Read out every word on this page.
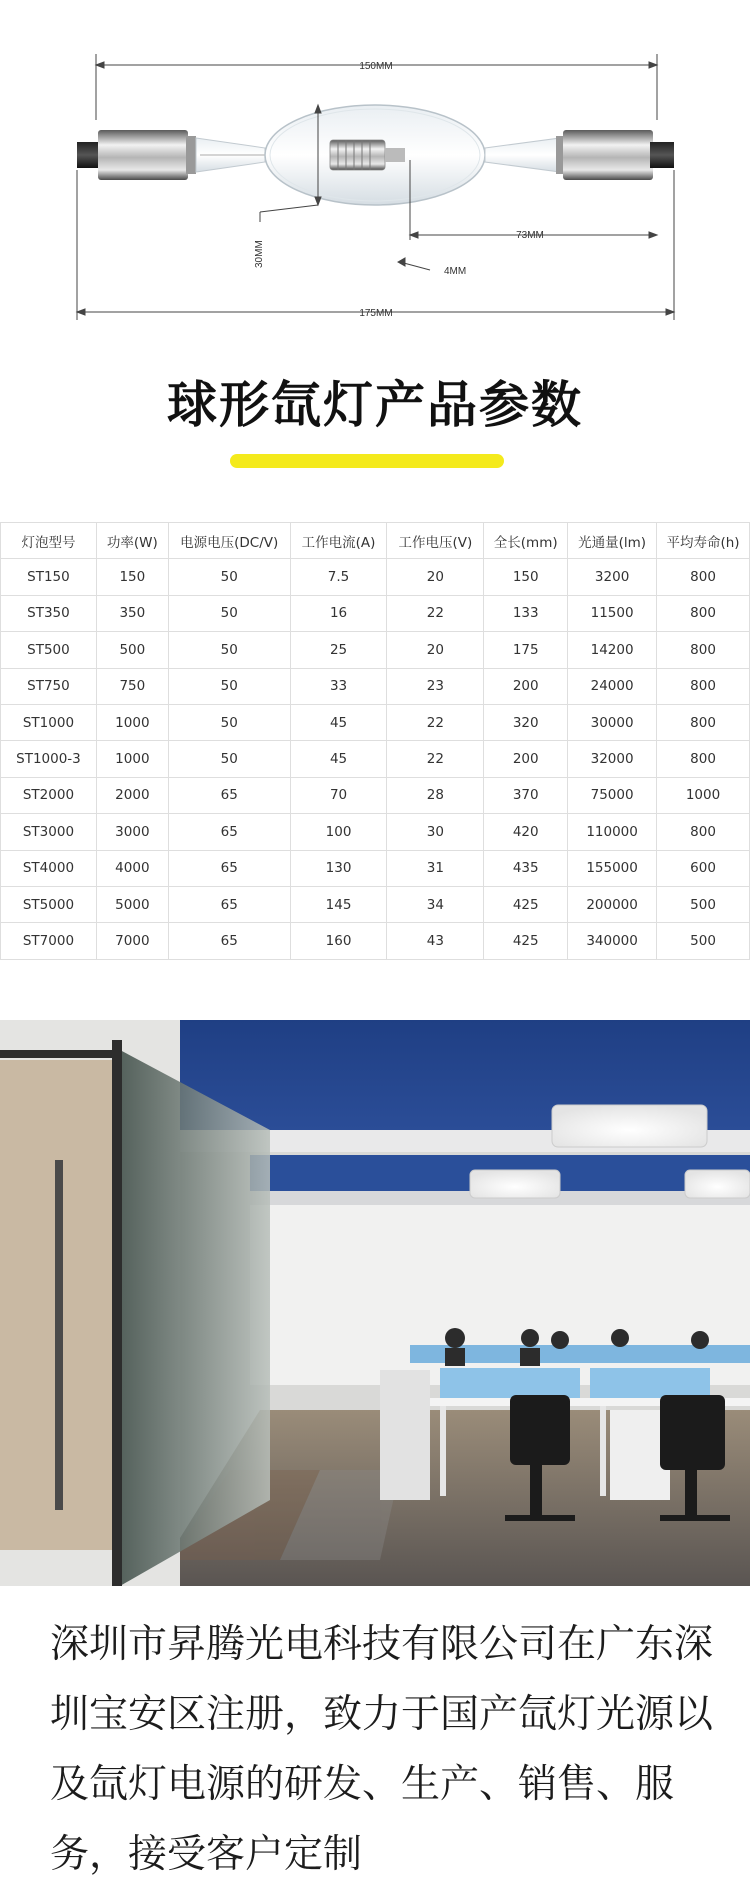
150MM
30MM
73MM
4MM
175MM
球形氙灯产品参数
灯泡型号	功率(W)	电源电压(DC/V)	工作电流(A)	工作电压(V)	全长(mm)	光通量(lm)	平均寿命(h)
ST150	150	50	7.5	20	150	3200	800
ST350	350	50	16	22	133	11500	800
ST500	500	50	25	20	175	14200	800
ST750	750	50	33	23	200	24000	800
ST1000	1000	50	45	22	320	30000	800
ST1000-3	1000	50	45	22	200	32000	800
ST2000	2000	65	70	28	370	75000	1000
ST3000	3000	65	100	30	420	110000	800
ST4000	4000	65	130	31	435	155000	600
ST5000	5000	65	145	34	425	200000	500
ST7000	7000	65	160	43	425	340000	500
深圳市昇腾光电科技有限公司在广东深圳宝安区注册，致力于国产氙灯光源以及氙灯电源的研发、生产、销售、服务，接受客户定制
